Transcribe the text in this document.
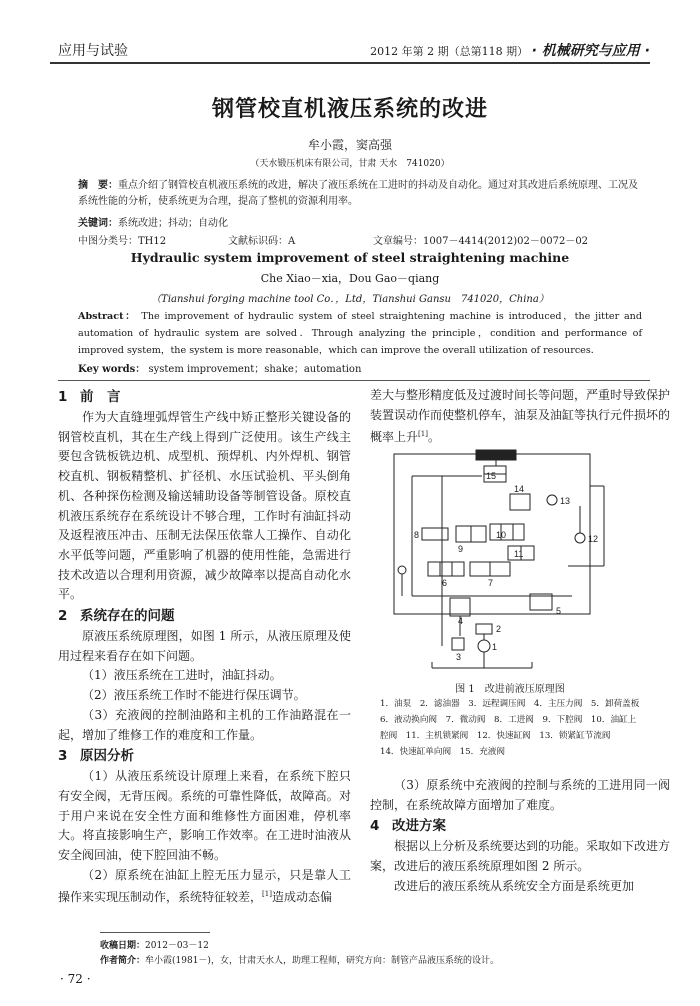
应用与试验	2012 年第 2 期（总第118 期） · 机械研究与应用 ·
钢管校直机液压系统的改进
牟小霞，窦高强
（天水锻压机床有限公司，甘肃 天水　741020）
摘　要：重点介绍了钢管校直机液压系统的改进，解决了液压系统在工进时的抖动及自动化。通过对其改进后系统原理、工况及系统性能的分析，使系统更为合理，提高了整机的资源利用率。
关键词：系统改进；抖动；自动化
中图分类号：TH12	文献标识码：A	文章编号：1007－4414(2012)02－0072－02
Hydraulic system improvement of steel straightening machine
Che Xiao－xia，Dou Gao－qiang
（Tianshui forging machine tool Co．，Ltd，Tianshui Gansu　741020，China）
Abstract： The improvement of hydraulic system of steel straightening machine is introduced，the jitter and automation of hydraulic system are solved．Through analyzing the principle，condition and performance of improved system，the system is more reasonable，which can improve the overall utilization of resources．
Key words： system improvement；shake；automation
1 前　言

作为大直缝埋弧焊管生产线中矫正整形关键设备的钢管校直机，其在生产线上得到广泛使用。该生产线主要包含铣板铣边机、成型机、预焊机、内外焊机、钢管校直机、钢板精整机、扩径机、水压试验机、平头倒角机、各种探伤检测及输送辅助设备等制管设备。原校直机液压系统存在系统设计不够合理，工作时有油缸抖动及返程液压冲击、压制无法保压依靠人工操作、自动化水平低等问题，严重影响了机器的使用性能，急需进行技术改造以合理利用资源，减少故障率以提高自动化水平。

2 系统存在的问题

原液压系统原理图，如图 1 所示，从液压原理及使用过程来看存在如下问题。

（1）液压系统在工进时，油缸抖动。

（2）液压系统工作时不能进行保压调节。

（3）充液阀的控制油路和主机的工作油路混在一起，增加了维修工作的难度和工作量。

3 原因分析

（1）从液压系统设计原理上来看，在系统下腔只有安全阀，无背压阀。系统的可靠性降低，故障高。对于用户来说在安全性方面和维修性方面困难，停机率大。将直接影响生产，影响工作效率。在工进时油液从安全阀回油，使下腔回油不畅。

（2）原系统在油缸上腔无压力显示，只是靠人工操作来实现压制动作，系统特征较差，[1]造成动态偏

差大与整形精度低及过渡时间长等问题，严重时导致保护装置误动作而使整机停车，油泵及油缸等执行元件损坏的概率上升[1]。

15
14
13
8
9
10
11
12
6	7
5
4
2
3
1
图 1　改进前液压原理图
1．油泵　2．滤油器　3．远程调压阀　4．主压力阀　5．卸荷盖板
6．液动换向阀　7．微动阀　8．工进阀　9．下腔阀　10．油缸上
腔阀　11．主机锁紧阀　12．快速缸阀　13．锁紧缸节流阀
14．快速缸单向阀　15．充液阀

（3）原系统中充液阀的控制与系统的工进用同一阀控制，在系统故障方面增加了难度。

4 改进方案

根据以上分析及系统要达到的功能。采取如下改进方案，改进后的液压系统原理如图 2 所示。

改进后的液压系统从系统安全方面是系统更加

收稿日期：2012－03－12
作者简介：牟小霞(1981－)，女，甘肃天水人，助理工程师，研究方向：制管产品液压系统的设计。
· 72 ·
